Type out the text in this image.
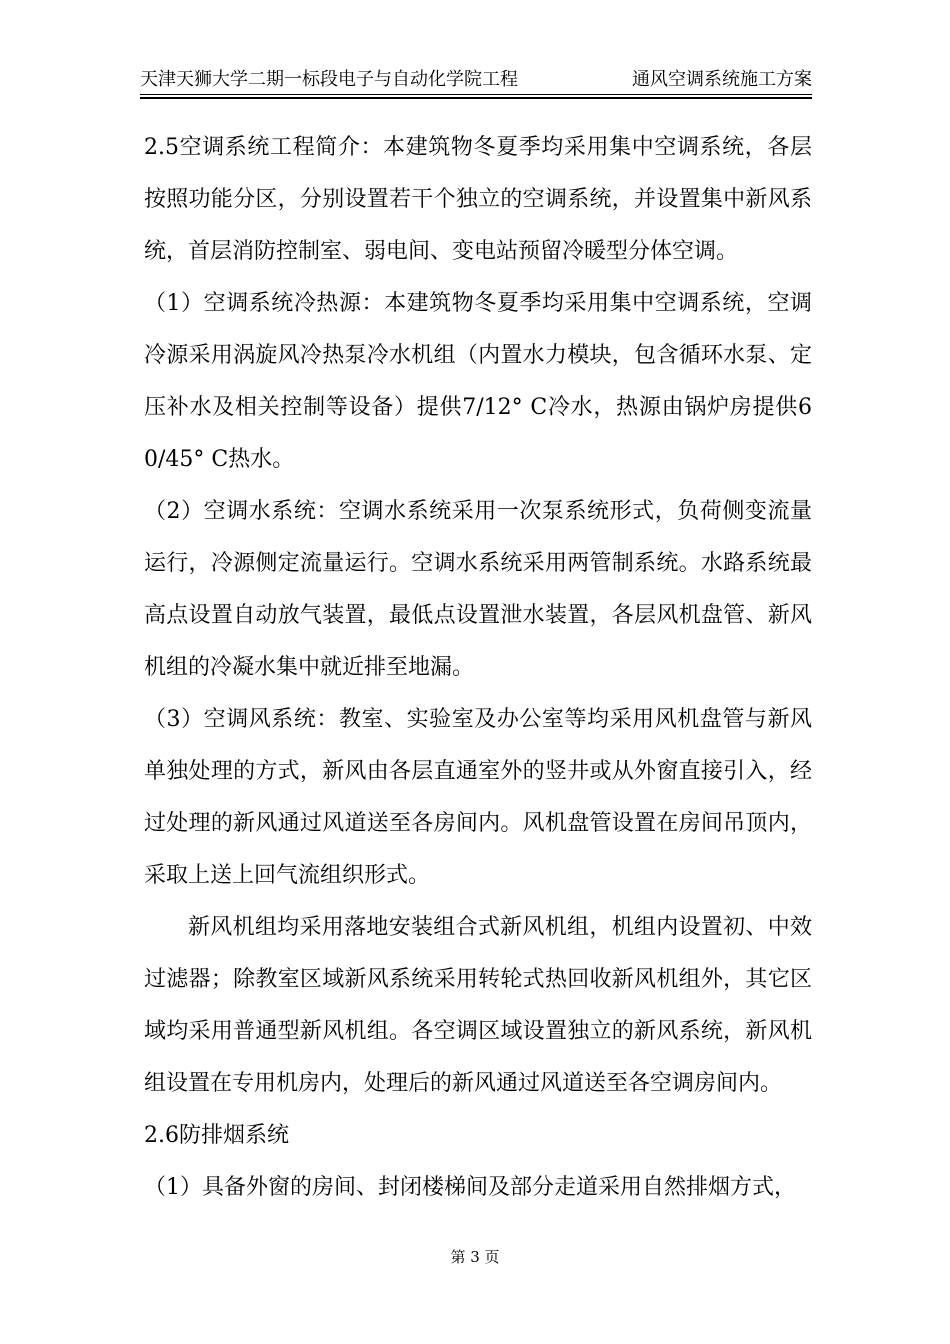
天津天狮大学二期一标段电子与自动化学院工程	通风空调系统施工方案

2.5空调系统工程简介：本建筑物冬夏季均采用集中空调系统，各层按照功能分区，分别设置若干个独立的空调系统，并设置集中新风系统，首层消防控制室、弱电间、变电站预留冷暖型分体空调。

（1）空调系统冷热源：本建筑物冬夏季均采用集中空调系统，空调冷源采用涡旋风冷热泵冷水机组（内置水力模块，包含循环水泵、定压补水及相关控制等设备）提供7/12° C冷水，热源由锅炉房提供60/45° C热水。

（2）空调水系统：空调水系统采用一次泵系统形式，负荷侧变流量运行，冷源侧定流量运行。空调水系统采用两管制系统。水路系统最高点设置自动放气装置，最低点设置泄水装置，各层风机盘管、新风机组的冷凝水集中就近排至地漏。

（3）空调风系统：教室、实验室及办公室等均采用风机盘管与新风单独处理的方式，新风由各层直通室外的竖井或从外窗直接引入，经过处理的新风通过风道送至各房间内。风机盘管设置在房间吊顶内，采取上送上回气流组织形式。

新风机组均采用落地安装组合式新风机组，机组内设置初、中效过滤器；除教室区域新风系统采用转轮式热回收新风机组外，其它区域均采用普通型新风机组。各空调区域设置独立的新风系统，新风机组设置在专用机房内，处理后的新风通过风道送至各空调房间内。

2.6防排烟系统

（1）具备外窗的房间、封闭楼梯间及部分走道采用自然排烟方式，

第 3 页
